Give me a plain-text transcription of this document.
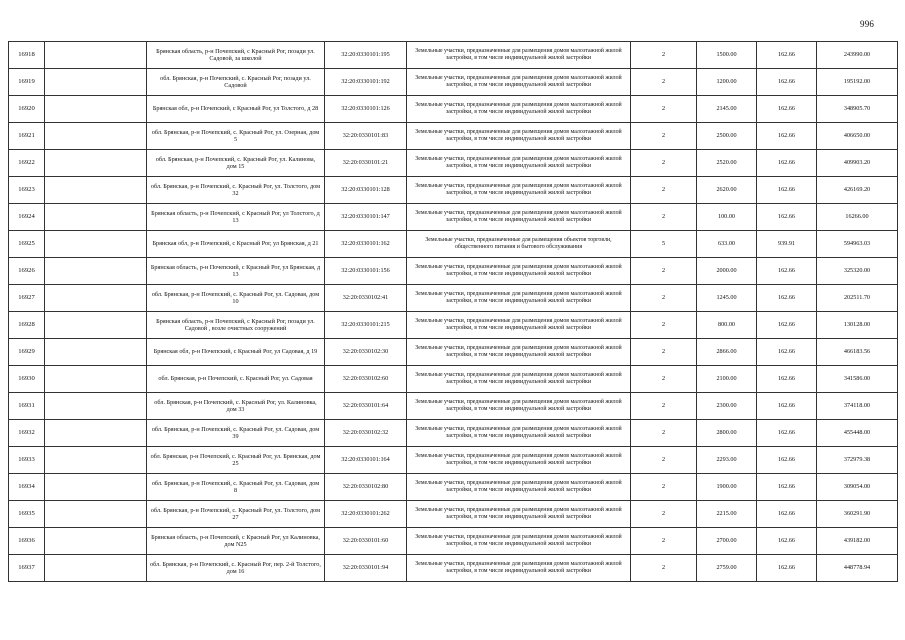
996
16918		Брянская область, р-н Почепский, с Красный Рог, позади ул. Садовой, за школой	32:20:0330101:195	Земельные участки, предназначенные для размещения домов малоэтажной жилой застройки, в том числе индивидуальной жилой застройки	2	1500.00	162.66	243990.00
16919		обл. Брянская, р-н Почепский, с. Красный Рог, позади ул. Садовой	32:20:0330101:192	Земельные участки, предназначенные для размещения домов малоэтажной жилой застройки, в том числе индивидуальной жилой застройки	2	1200.00	162.66	195192.00
16920		Брянская обл, р-н Почепский, с Красный Рог, ул Толстого, д 28	32:20:0330101:126	Земельные участки, предназначенные для размещения домов малоэтажной жилой застройки, в том числе индивидуальной жилой застройки	2	2145.00	162.66	348905.70
16921		обл. Брянская, р-н Почепский, с. Красный Рог, ул. Озерная, дом 5	32:20:0330101:83	Земельные участки, предназначенные для размещения домов малоэтажной жилой застройки, в том числе индивидуальной жилой застройки	2	2500.00	162.66	406650.00
16922		обл. Брянская, р-н Почепский, с. Красный Рог, ул. Калинова, дом 15	32:20:0330101:21	Земельные участки, предназначенные для размещения домов малоэтажной жилой застройки, в том числе индивидуальной жилой застройки	2	2520.00	162.66	409903.20
16923		обл. Брянская, р-н Почепский, с. Красный Рог, ул. Толстого, дом 32	32:20:0330101:128	Земельные участки, предназначенные для размещения домов малоэтажной жилой застройки, в том числе индивидуальной жилой застройки	2	2620.00	162.66	426169.20
16924		Брянская область, р-н Почепский, с Красный Рог, ул Толстого, д 13	32:20:0330101:147	Земельные участки, предназначенные для размещения домов малоэтажной жилой застройки, в том числе индивидуальной жилой застройки	2	100.00	162.66	16266.00
16925		Брянская обл, р-н Почепский, с Красный Рог, ул Брянская, д 21	32:20:0330101:162	Земельные участки, предназначенные для размещения объектов торговли, общественного питания и бытового обслуживания	5	633.00	939.91	594963.03
16926		Брянская область, р-н Почепский, с Красный Рог, ул Брянская, д 13	32:20:0330101:156	Земельные участки, предназначенные для размещения домов малоэтажной жилой застройки, в том числе индивидуальной жилой застройки	2	2000.00	162.66	325320.00
16927		обл. Брянская, р-н Почепский, с. Красный Рог, ул. Садовая, дом 10	32:20:0330102:41	Земельные участки, предназначенные для размещения домов малоэтажной жилой застройки, в том числе индивидуальной жилой застройки	2	1245.00	162.66	202511.70
16928		Брянская область, р-н Почепский, с Красный Рог, позади ул. Садовой , возле очистных сооружений	32:20:0330101:215	Земельные участки, предназначенные для размещения домов малоэтажной жилой застройки, в том числе индивидуальной жилой застройки	2	800.00	162.66	130128.00
16929		Брянская обл, р-н Почепский, с Красный Рог, ул Садовая, д 19	32:20:0330102:30	Земельные участки, предназначенные для размещения домов малоэтажной жилой застройки, в том числе индивидуальной жилой застройки	2	2866.00	162.66	466183.56
16930		обл. Брянская, р-н Почепский, с. Красный Рог, ул. Садовая	32:20:0330102:60	Земельные участки, предназначенные для размещения домов малоэтажной жилой застройки, в том числе индивидуальной жилой застройки	2	2100.00	162.66	341586.00
16931		обл. Брянская, р-н Почепский, с. Красный Рог, ул. Калиновка, дом 33	32:20:0330101:64	Земельные участки, предназначенные для размещения домов малоэтажной жилой застройки, в том числе индивидуальной жилой застройки	2	2300.00	162.66	374118.00
16932		обл. Брянская, р-н Почепский, с. Красный Рог, ул. Садовая, дом 39	32:20:0330102:32	Земельные участки, предназначенные для размещения домов малоэтажной жилой застройки, в том числе индивидуальной жилой застройки	2	2800.00	162.66	455448.00
16933		обл. Брянская, р-н Почепский, с. Красный Рог, ул. Брянская, дом 25	32:20:0330101:164	Земельные участки, предназначенные для размещения домов малоэтажной жилой застройки, в том числе индивидуальной жилой застройки	2	2293.00	162.66	372979.38
16934		обл. Брянская, р-н Почепский, с. Красный Рог, ул. Садовая, дом 8	32:20:0330102:80	Земельные участки, предназначенные для размещения домов малоэтажной жилой застройки, в том числе индивидуальной жилой застройки	2	1900.00	162.66	309054.00
16935		обл. Брянская, р-н Почепский, с. Красный Рог, ул. Толстого, дом 27	32:20:0330101:262	Земельные участки, предназначенные для размещения домов малоэтажной жилой застройки, в том числе индивидуальной жилой застройки	2	2215.00	162.66	360291.90
16936		Брянская область, р-н Почепский, с Красный Рог, ул Калиновка, дом N25	32:20:0330101:60	Земельные участки, предназначенные для размещения домов малоэтажной жилой застройки, в том числе индивидуальной жилой застройки	2	2700.00	162.66	439182.00
16937		обл. Брянская, р-н Почепский, с. Красный Рог, пер. 2-й Толстого, дом 16	32:20:0330101:94	Земельные участки, предназначенные для размещения домов малоэтажной жилой застройки, в том числе индивидуальной жилой застройки	2	2759.00	162.66	448778.94
